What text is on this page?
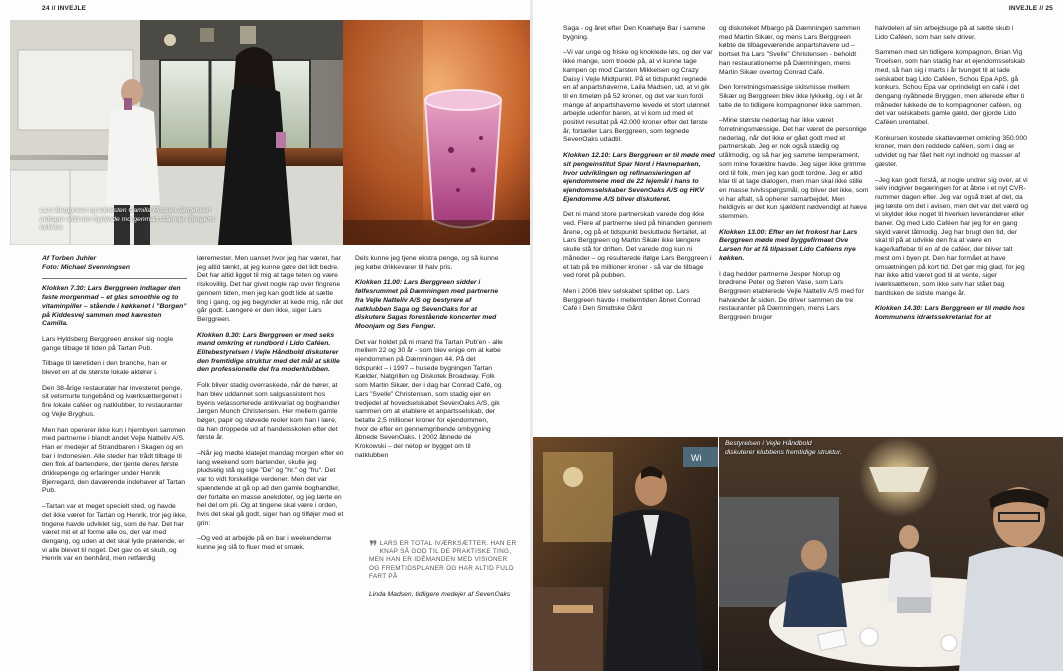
24 // INVEJLE
Lars Berggreen og kæresten Camilla Rossen-Jørgensen indtager altid den flydende morgenmad stående i Borgens køkken.
Af Torben Juhler
Foto: Michael Svenningsen

Klokken 7.30: Lars Berggreen indtager den faste morgenmad – et glas smoothie og to vitaminpiller – stående i køkkenet i ”Borgen” på Kiddesvej sammen med kæresten Camilla.

Lars Hyldsberg Berggreen ønsker sig nogle gange tilbage til tiden på Tartan Pub.

Tilbage til læretiden i den branche, han er blevet en af de største lokale aktører i.

Den 38-årige restauratør har investeret penge, sit velsmurte tungebånd og iværksættergenet i fire lokale caféer og natklubber, to restauranter og Vejle Bryghus.

Men han opererer ikke kun i hjembyen sammen med partnerne i blandt andet Vejle Nattelív A/S. Han er medejer af Strandbaren i Skagen og en bar i Indonesien. Alle steder har trådt tilbage til den flok af bartendere, der tjente deres første drikkepenge og erfaringer under Henrik Bjerregard, den daværende indehaver af Tartan Pub.

–Tartan var et meget specielt sted, og havde det ikke været for Tartan og Henrik, tror jeg ikke, tingene havde udviklet sig, som de har. Det har været mit et af forme alle os, der var med dengang, og uden at det skal lyde prælende, er vi alle blevet til noget. Det gav os et skub, og Henrik var en benhård, men retfærdig

læremester. Men uanset hvor jeg har været, har jeg altid tænkt, at jeg kunne gøre det lidt bedre. Det har altid ligget til mig at tage teten og være risikovillig. Det har givet nogle rap over fingrene gennem tiden, men jeg kan godt lide at sætte ting i gang, og jeg begynder at kede mig, når det går godt. Længere er den ikke, siger Lars Berggreen.

Klokken 8.30: Lars Berggreen er med seks mand omkring et rundbord i Lido Caféen. Elitebestyrelsen i Vejle Håndbold diskuterer den fremtidige struktur med det mål at skille den professionelle del fra moderklubben.

Folk bliver stadig overraskede, når de hører, at han blev uddannet som salgsassistent hos byens velassorterede antikvariat og boghandler Jørgen Munch Christensen. Her mellem gamle bøger, papir og støvede reoler kom han i lære, da han droppede ud af handelsskolen efter det første år.

–Når jeg mødte klatejet mandag morgen efter en lang weekend som bartender, skulle jeg pludselig stå og sige ”De” og ”hr.” og ”fru”. Det var to vidt forskellige verdener. Men det var spændende at gå op ad den gamle boghandler, der fortalte en masse anekdoter, og jeg lærte en hel del om pli. Og at tingene skal være i orden, hvis det skal gå godt, siger han og tilføjer med et grin:

–Og ved at arbejde på en bar i weekenderne kunne jeg slå to fluer med et smæk.

Dels kunne jeg tjene ekstra penge, og så kunne jeg købe drikkevarer til halv pris.

Klokken 11.00: Lars Berggreen sidder i følfesrummet på Dæmningen med partnerne fra Vejle Nattelív A/S og bestyrere af natklubben Saga og SevenOaks for at diskutere Sagas forestående koncerter med Moonjam og Søs Fenger.

Det var holdet på ni mand fra Tartan Pub'en - alle mellem 22 og 30 år - som blev enige om at købe ejendommen på Dæmningen 44. På det tidspunkt – i 1997 – husede bygningen Tartan Kælder, Natgrillen og Diskotek Broadway. Folk som Martin Sikær, der i dag har Conrad Café, og Lars ”Svelle” Christensen, som stadig ejer en tredjedel af hovedselskabet SevenOaks A/S, gik sammen om at etablere et anpartsselskab, der betalte 2,5 millioner kroner for ejendommen, hvor de efter en gennemgribende ombygning åbnede SevenOaks. I 2002 åbnede de Krokowski – der netop er bygget om til natklubben

❞ LARS ER TOTAL IVÆRKSÆTTER. HAN ER KNAP SÅ GOD TIL DE PRAKTISKE TING, MEN HAN ER IDÉMANDEN MED VISIONER OG FREMTIDSPLANER OG HAR ALTID FULD FART PÅ
Linda Madsen, tidligere medejer af SevenOaks
INVEJLE // 25

Saga - og året efter Den Knæhøje Bar i samme bygning.

–Vi var unge og friske og knoklede løs, og der var ikke mange, som troede på, at vi kunne tage kampen op mod Carsten Mikkelsen og Crazy Daisy i Vejle Midtpunkt. På et tidspunkt regnede en af anpartshaverne, Laila Madsen, ud, at vi gik til en timeløn på 52 kroner, og det var kun fordi mange af anpartshaverne levede et stort ulønnet arbejde udenfor baren, at vi kom ud med et positivt resultat på 42.000 kroner efter det første år, fortæller Lars Berggreen, som tegnede SevenOaks udadtil.

Klokken 12.10: Lars Berggreen er til møde med sit pengeinstitut Spar Nord i Havneparken, hvor udviklingen og refinansieringen af ejendommene med de 22 lejemål i hans to ejendomsselskaber SevenOaks A/S og HKV Ejendomme A/S bliver diskuteret.

Det ni mand store partnerskab varede dog ikke ved. Flere af partnerne sled på hinanden gennem årene, og på et tidspunkt besluttede flertallet, at Lars Berggreen og Martin Sikær ikke længere skulle stå for driften. Det varede dog kun ni måneder – og resulterede ifølge Lars Berggreen i et tab på tre millioner kroner - så var de tilbage ved roret på pubben.

Men i 2006 blev selskabet splittet op. Lars Berggreen havde i mellemtiden åbnet Conrad Café i Den Smidtske Gård

og diskoteket Mbargo på Dæmningen sammen med Martin Sikær, og mens Lars Berggreen købte de tilbageværende anpartshavere ud – bortset fra Lars ”Svelle” Christensen - beholdt han restaurationerne på Dæmningen, mens Martin Sikær overtog Conrad Café.

Den forretningsmæssige skilsmisse mellem Sikær og Berggreen blev ikke lykkelig, og i et år talte de to tidligere kompagnoner ikke sammen.

–Mine største nederlag har ikke været forretningsmæssige. Det har været de personlige nederlag, når det ikke er gået godt med et partnerskab. Jeg er nok også stædig og utålmodig, og så har jeg samme temperament, som mine forældre havde. Jeg siger ikke grimme ord til folk, men jeg kan godt tordne. Jeg er altid klar til at tage dialogen, men man skal ikke stille en masse tvivlsspørgsmål, og bliver det ikke, som vi har aftalt, så opherer samarbejdet. Men heldigvis er det kun sjældent nødvendigt at hæve stemmen.

Klokken 13.00: Efter en let frokost har Lars Berggreen møde med byggefirmaet Ove Larsen for at få tilpasset Lido Caféens nye køkken.

I dag hedder partnerne Jesper Norup og brødrene Peter og Søren Vase, som Lars Berggreen etablerede Vejle Nattelív A/S med for halvandet år siden. De driver sammen de tre restauranter på Dæmningen, mens Lars Berggreen bruger

halvdelen af sin arbejdsuge på at sætte skub i Lido Caféen, som han selv driver.

Sammen med sin tidligere kompagnon, Brian Vig Troelsen, som han stadig har et ejendomsselskab med, så han sig i marts i år tvunget til at lade selskabet bag Lido Caféen, Schou Epa ApS, gå konkurs. Schou Epa var oprindeligt en café i det dengang nyåbnede Bryggen, men allerede efter ti måneder lukkede de to kompagnoner caféen, og det var selskabets gamle gæld, der gjorde Lido Caféen urentabel.

Konkursen kostede skatteværnet omkring 350.000 kroner, men den reddede caféen, som i dag er udvidet og har fået helt nyt indhold og masser af gæster.

–Jeg kan godt forstå, at nogle undrer sig over, at vi selv indgiver begæringen for at åbne i et nyt CVR-nummer dagen efter. Jeg var også træt af det, da jeg læste om det i avisen, men det var det værd og vi skylder ikke noget til hverken leverandører eller baner. Og med Lido Caféen har jeg for en gang skyld været tålmodig. Jeg har brugt den tid, der skal til på at udvikle den fra at være en kage/kaffebar til en af de caféer, der bliver talt mest om i byen pt. Den har formået at have omsætningen på kort tid. Det gør mig glad, for jeg har ikke altid været god til at vente, siger iværksætteren, som ikke selv har stået bag bardisken de sidste mange år.

Klokken 14.30: Lars Berggreen er til møde hos kommunens idrætssekretariat for at

Wi
Bestyrelsen i Vejle Håndbold diskuterer klubbens fremtidige struktur.
